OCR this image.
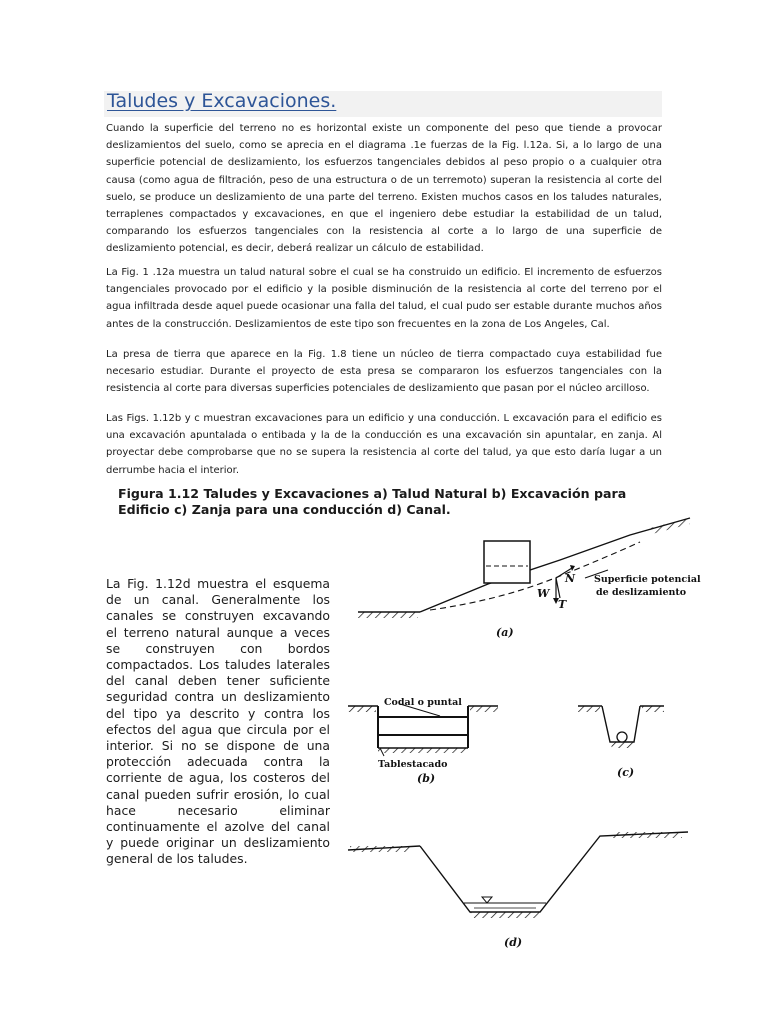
Taludes y Excavaciones.

Cuando la superficie del terreno no es horizontal existe un componente del peso que tiende a provocar deslizamientos del suelo, como se aprecia en el diagrama .1e fuerzas de la Fig. l.12a. Si, a lo largo de una superficie potencial de deslizamiento, los esfuerzos tangenciales debidos al peso propio o a cualquier otra causa (como agua de filtración, peso de una estructura o de un terremoto) superan la resistencia al corte del suelo, se produce un deslizamiento de una parte del terreno. Existen muchos casos en los taludes naturales, terraplenes compactados y excavaciones, en que el ingeniero debe estudiar la estabilidad de un talud, comparando los esfuerzos tangenciales con la resistencia al corte a lo largo de una superficie de deslizamiento potencial, es decir, deberá realizar un cálculo de estabilidad.

La Fig. 1 .12a muestra un talud natural sobre el cual se ha construido un edificio. El incremento de esfuerzos tangenciales provocado por el edificio y la posible disminución de la resistencia al corte del terreno por el agua infiltrada desde aquel puede ocasionar una falla del talud, el cual pudo ser estable durante muchos años antes de la construcción. Deslizamientos de este tipo son frecuentes en la zona de Los Angeles, Cal.

La presa de tierra que aparece en la Fig. 1.8 tiene un núcleo de tierra compactado cuya estabilidad fue necesario estudiar. Durante el proyecto de esta presa se compararon los esfuerzos tangenciales con la resistencia al corte para diversas superficies potenciales de deslizamiento que pasan por el núcleo arcilloso.

Las Figs. 1.12b y c muestran excavaciones para un edificio y una conducción. L excavación para el edificio es una excavación apuntalada o entibada y la de la conducción es una excavación sin apuntalar, en zanja. Al proyectar debe comprobarse que no se supera la resistencia al corte del talud, ya que esto daría lugar a un derrumbe hacia el interior.

Figura 1.12 Taludes y Excavaciones a) Talud Natural b) Excavación para Edificio c) Zanja para una conducción d) Canal.

La Fig. 1.12d muestra el esquema de un canal. Generalmente los canales se construyen excavando el terreno natural aunque a veces se construyen con bordos compactados. Los taludes laterales del canal deben tener suficiente seguridad contra un deslizamiento del tipo ya descrito y contra los efectos del agua que circula por el interior. Si no se dispone de una protección adecuada contra la corriente de agua, los costeros del canal pueden sufrir erosión, lo cual hace necesario eliminar continuamente el azolve del canal y puede originar un deslizamiento general de los taludes.

W
N
T
Superficie potencial
de deslizamiento
(a)
Codal o puntal
Tablestacado
(b)	(c)
(d)
